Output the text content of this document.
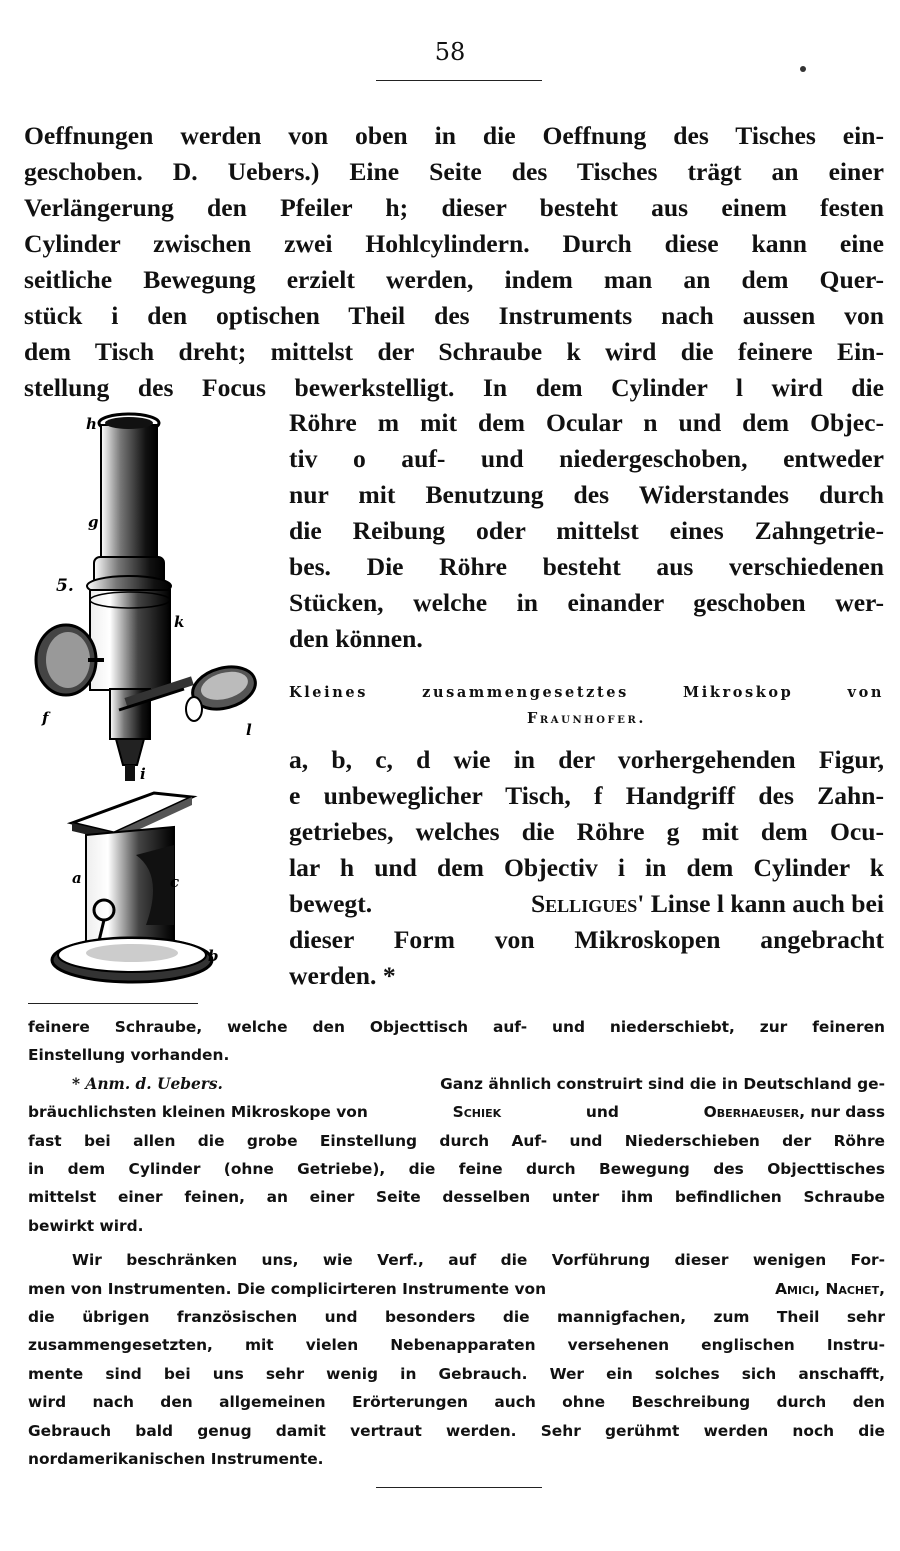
58
Oeffnungen werden von oben in die Oeffnung des Tisches ein-
geschoben. D. Uebers.) Eine Seite des Tisches trägt an einer
Verlängerung den Pfeiler h; dieser besteht aus einem festen
Cylinder zwischen zwei Hohlcylindern. Durch diese kann eine
seitliche Bewegung erzielt werden, indem man an dem Quer-
stück i den optischen Theil des Instruments nach aussen von
dem Tisch dreht; mittelst der Schraube k wird die feinere Ein-
stellung des Focus bewerkstelligt. In dem Cylinder l wird die
h
g
5.
k
f
l
i
a	c
b
Röhre m mit dem Ocular n und dem Objec-
tiv o auf- und niedergeschoben, entweder
nur mit Benutzung des Widerstandes durch
die Reibung oder mittelst eines Zahngetrie-
bes. Die Röhre besteht aus verschiedenen
Stücken, welche in einander geschoben wer-
den können.
Kleines zusammengesetztes Mikroskop von
Fraunhofer.
a, b, c, d wie in der vorhergehenden Figur,
e unbeweglicher Tisch, f Handgriff des Zahn-
getriebes, welches die Röhre g mit dem Ocu-
lar h und dem Objectiv i in dem Cylinder k
bewegt.	Selligues' Linse l kann auch bei
dieser Form von Mikroskopen angebracht
werden. *
feinere Schraube, welche den Objecttisch auf- und niederschiebt, zur feineren
Einstellung vorhanden.
* Anm. d. Uebers.	Ganz ähnlich construirt sind die in Deutschland ge-
bräuchlichsten kleinen Mikroskope von	Schiek	und	Oberhaeuser, nur dass
fast bei allen die grobe Einstellung durch Auf- und Niederschieben der Röhre
in dem Cylinder (ohne Getriebe), die feine durch Bewegung des Objecttisches
mittelst einer feinen, an einer Seite desselben unter ihm befindlichen Schraube
bewirkt wird.
Wir beschränken uns, wie Verf., auf die Vorführung dieser wenigen For-
men von Instrumenten. Die complicirteren Instrumente von	Amici, Nachet,
die übrigen französischen und besonders die mannigfachen, zum Theil sehr
zusammengesetzten, mit vielen Nebenapparaten versehenen englischen Instru-
mente sind bei uns sehr wenig in Gebrauch. Wer ein solches sich anschafft,
wird nach den allgemeinen Erörterungen auch ohne Beschreibung durch den
Gebrauch bald genug damit vertraut werden. Sehr gerühmt werden noch die
nordamerikanischen Instrumente.
